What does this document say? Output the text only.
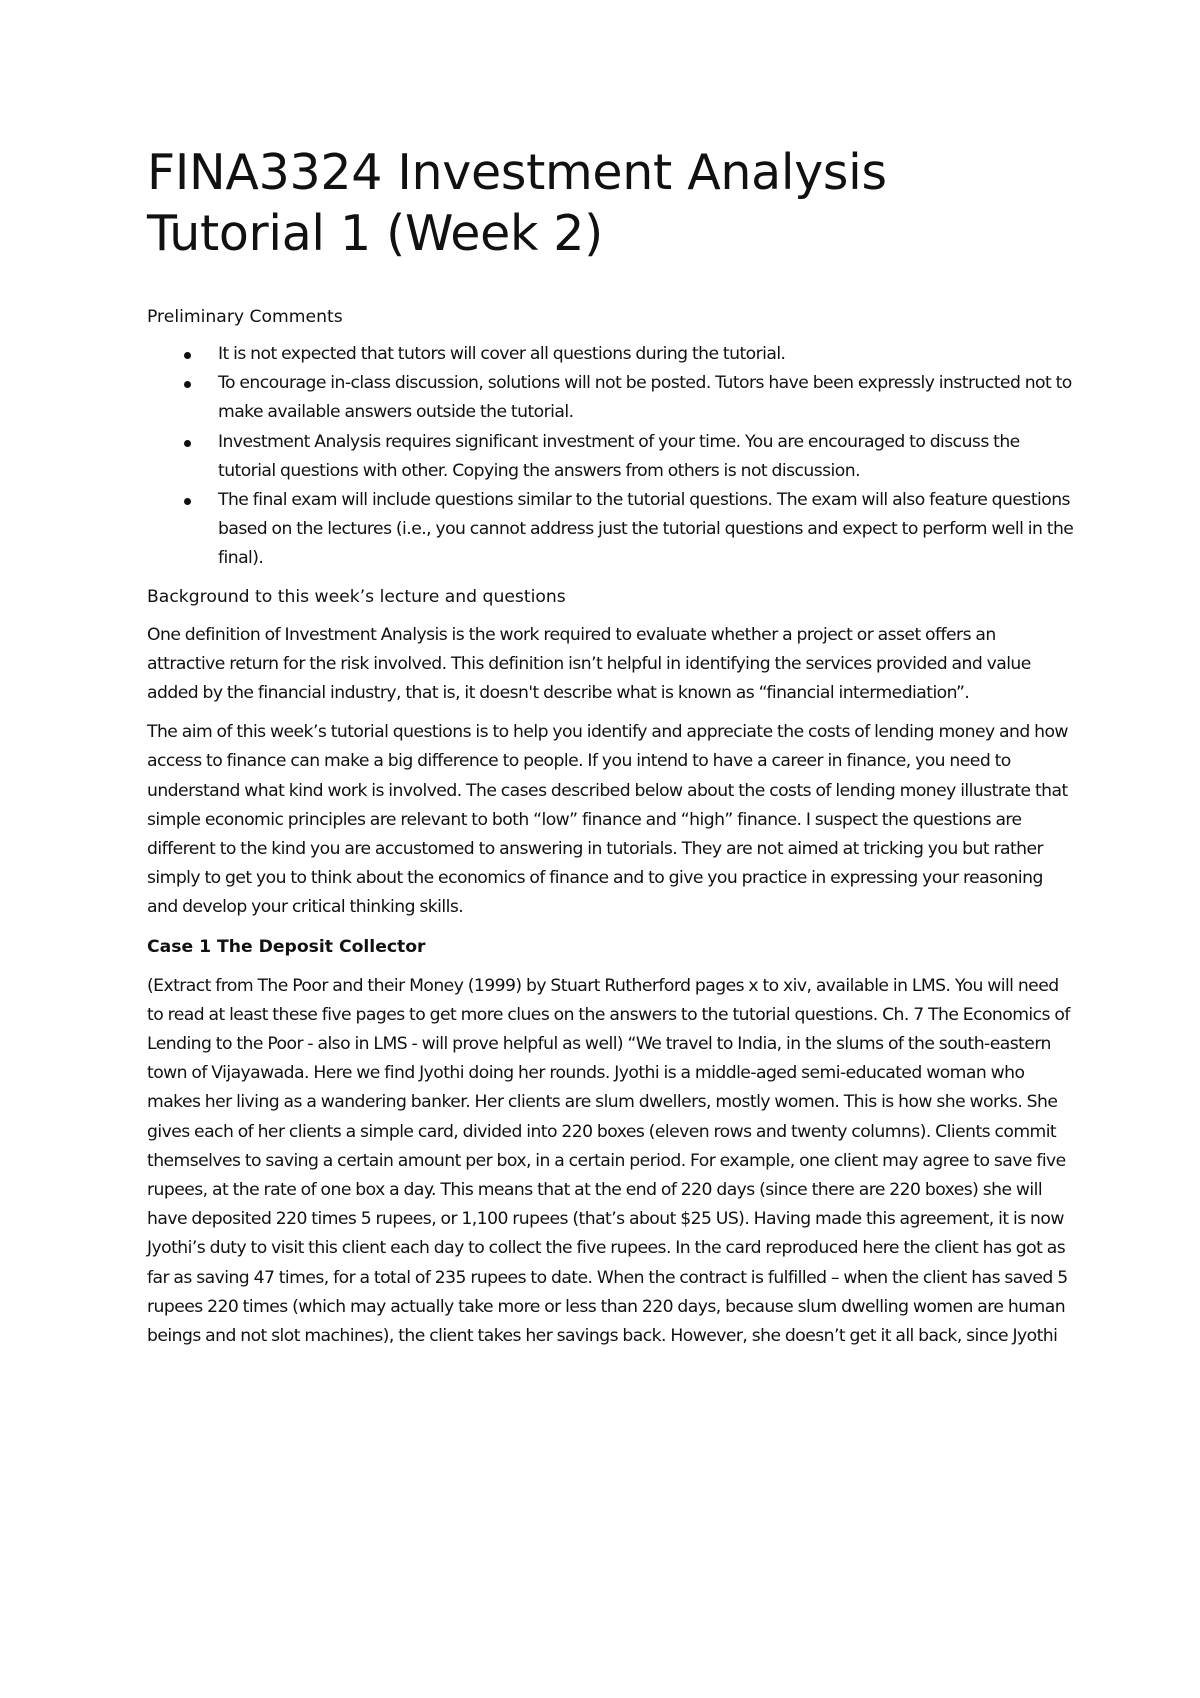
FINA3324 Investment Analysis
Tutorial 1 (Week 2)

Preliminary Comments

It is not expected that tutors will cover all questions during the tutorial.
To encourage in-class discussion, solutions will not be posted. Tutors have been expressly instructed not to make available answers outside the tutorial.
Investment Analysis requires significant investment of your time. You are encouraged to discuss the tutorial questions with other. Copying the answers from others is not discussion.
The final exam will include questions similar to the tutorial questions. The exam will also feature questions based on the lectures (i.e., you cannot address just the tutorial questions and expect to perform well in the final).

Background to this week’s lecture and questions

One definition of Investment Analysis is the work required to evaluate whether a project or asset offers an attractive return for the risk involved. This definition isn’t helpful in identifying the services provided and value added by the financial industry, that is, it doesn't describe what is known as “financial intermediation”.

The aim of this week’s tutorial questions is to help you identify and appreciate the costs of lending money and how access to finance can make a big difference to people. If you intend to have a career in finance, you need to understand what kind work is involved. The cases described below about the costs of lending money illustrate that simple economic principles are relevant to both “low” finance and “high” finance. I suspect the questions are different to the kind you are accustomed to answering in tutorials. They are not aimed at tricking you but rather simply to get you to think about the economics of finance and to give you practice in expressing your reasoning and develop your critical thinking skills.

Case 1 The Deposit Collector

(Extract from The Poor and their Money (1999) by Stuart Rutherford pages x to xiv, available in LMS. You will need to read at least these five pages to get more clues on the answers to the tutorial questions. Ch. 7 The Economics of Lending to the Poor - also in LMS - will prove helpful as well) “We travel to India, in the slums of the south-eastern town of Vijayawada. Here we find Jyothi doing her rounds. Jyothi is a middle-aged semi-educated woman who makes her living as a wandering banker. Her clients are slum dwellers, mostly women. This is how she works. She gives each of her clients a simple card, divided into 220 boxes (eleven rows and twenty columns). Clients commit themselves to saving a certain amount per box, in a certain period. For example, one client may agree to save five rupees, at the rate of one box a day. This means that at the end of 220 days (since there are 220 boxes) she will have deposited 220 times 5 rupees, or 1,100 rupees (that’s about $25 US). Having made this agreement, it is now Jyothi’s duty to visit this client each day to collect the five rupees. In the card reproduced here the client has got as far as saving 47 times, for a total of 235 rupees to date. When the contract is fulfilled – when the client has saved 5 rupees 220 times (which may actually take more or less than 220 days, because slum dwelling women are human beings and not slot machines), the client takes her savings back. However, she doesn’t get it all back, since Jyothi
